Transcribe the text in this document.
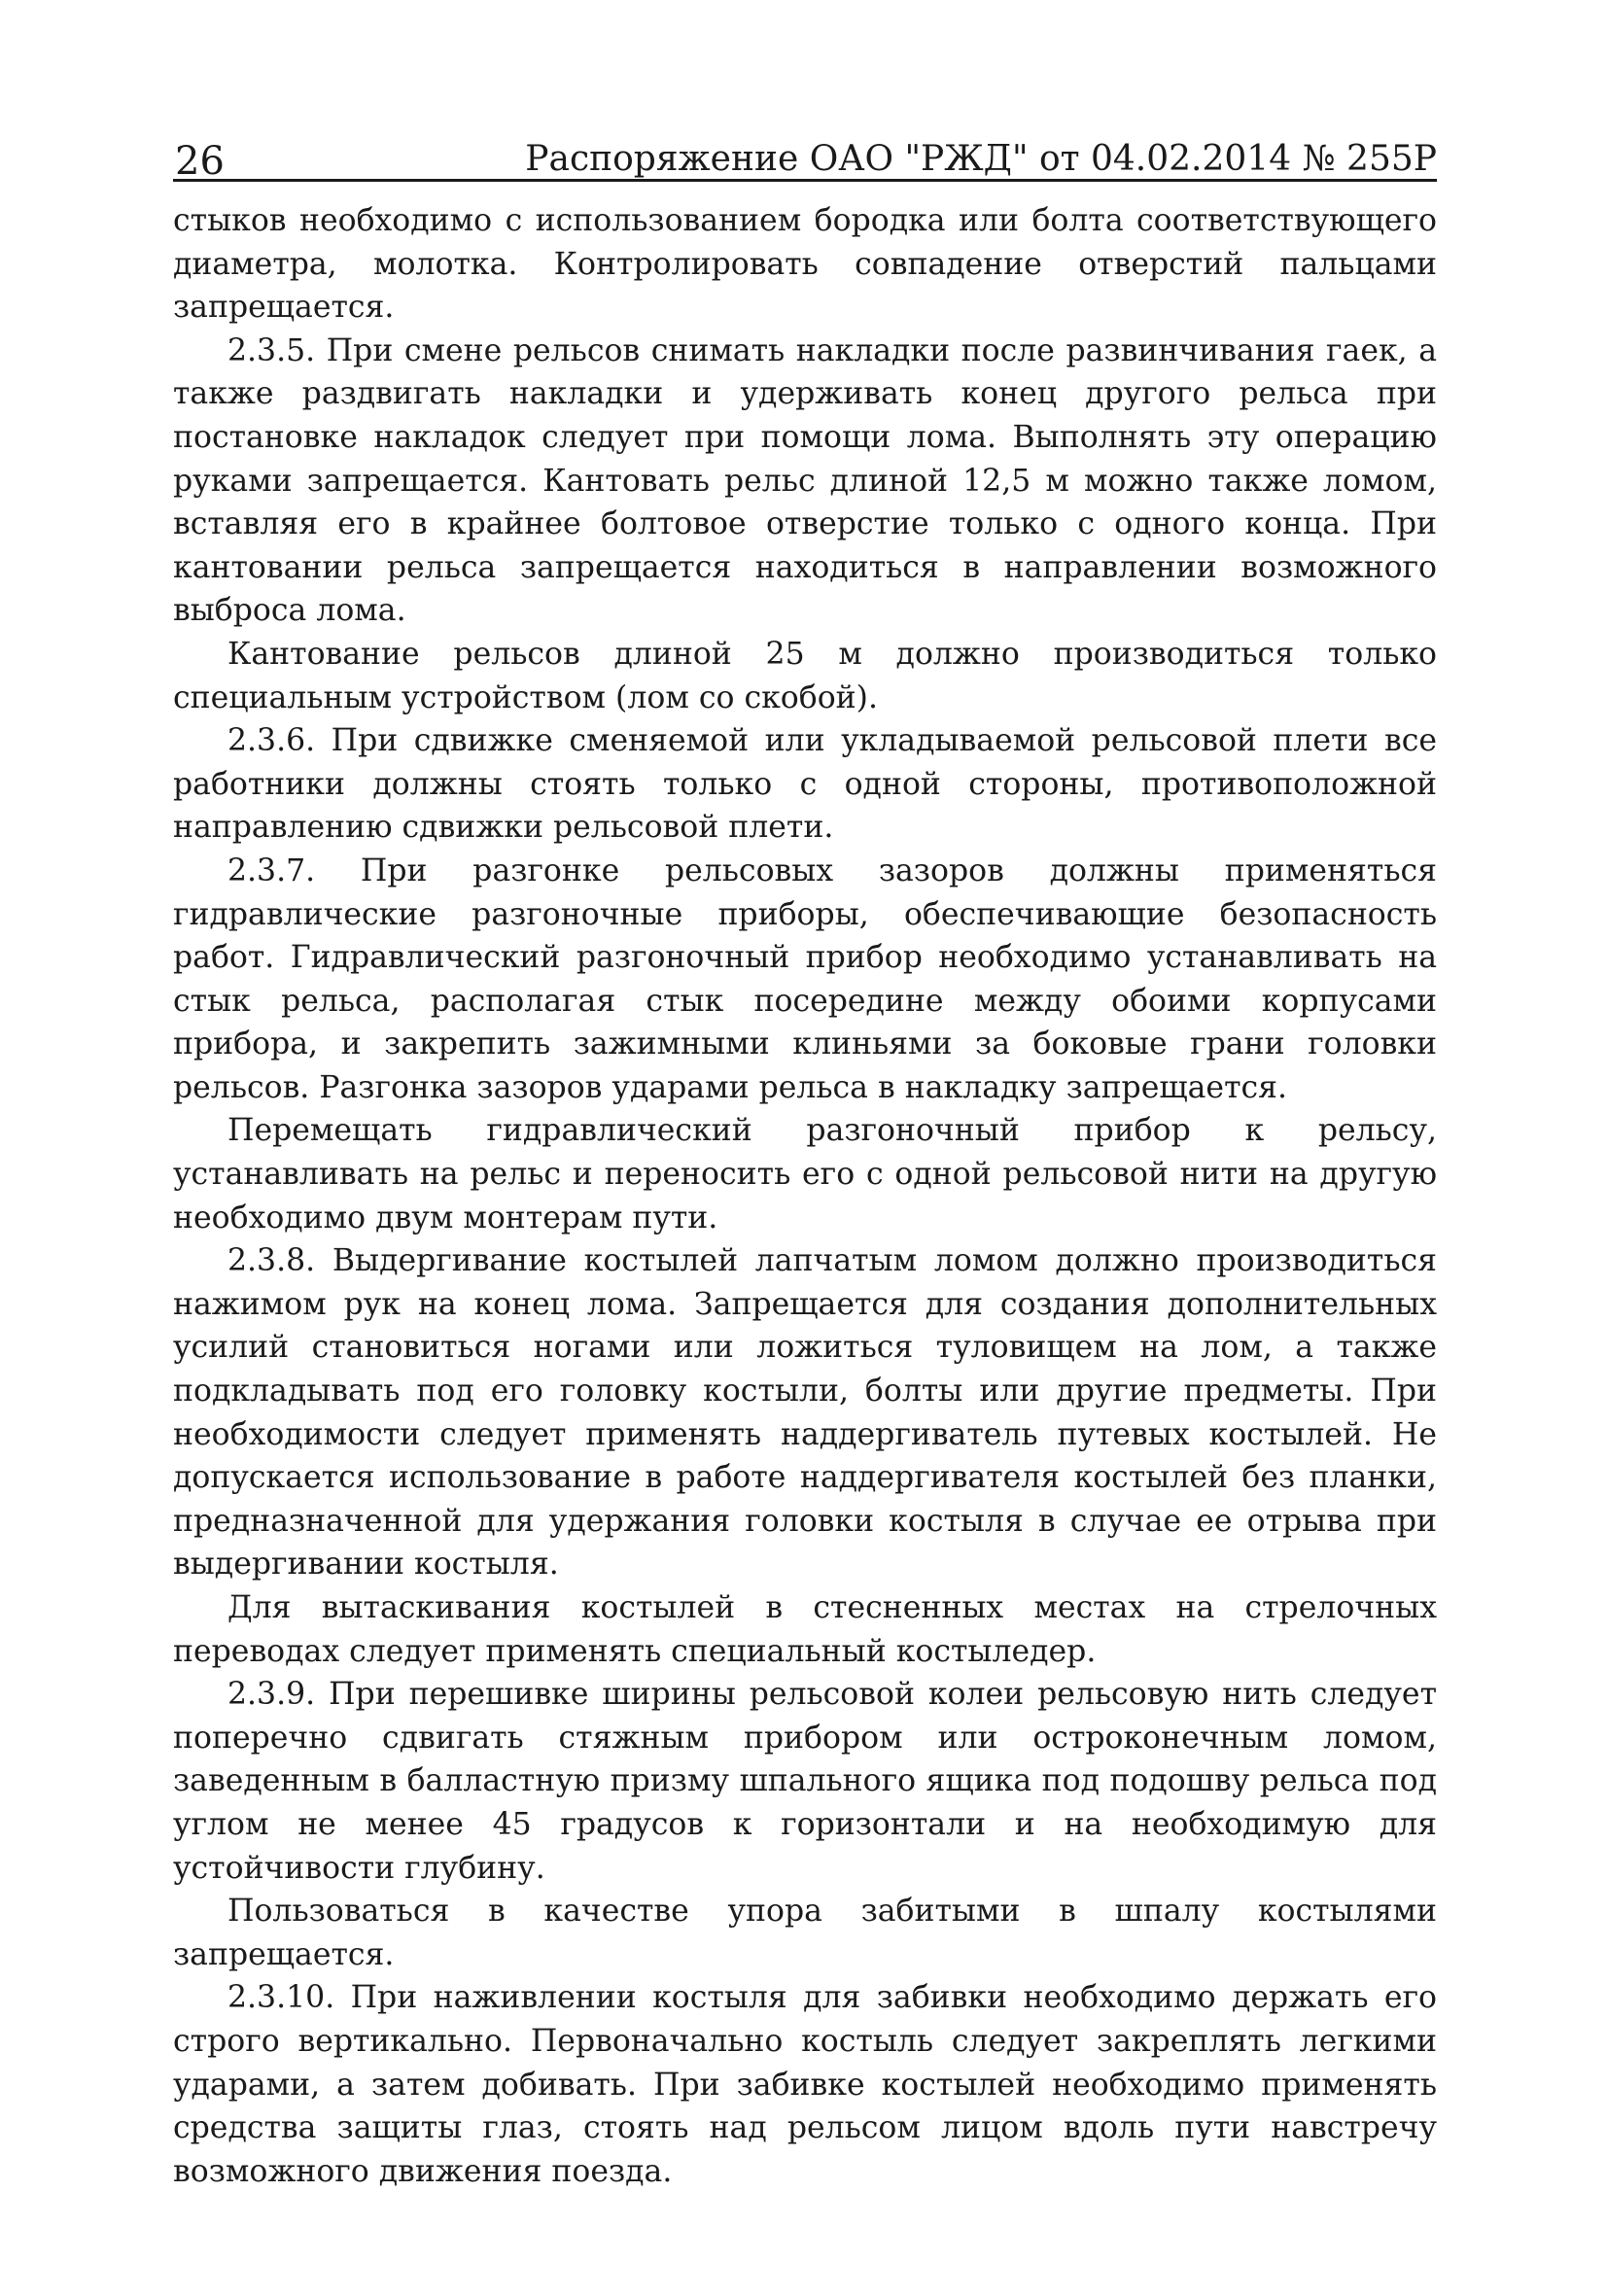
26	Распоряжение ОАО "РЖД" от 04.02.2014 № 255Р

стыков необходимо с использованием бородка или болта соответствующего диаметра, молотка. Контролировать совпадение отверстий пальцами запрещается.

2.3.5. При смене рельсов снимать накладки после развинчивания гаек, а также раздвигать накладки и удерживать конец другого рельса при постановке накладок следует при помощи лома. Выполнять эту операцию руками запрещается. Кантовать рельс длиной 12,5 м можно также ломом, вставляя его в крайнее болтовое отверстие только с одного конца. При кантовании рельса запрещается находиться в направлении возможного выброса лома.

Кантование рельсов длиной 25 м должно производиться только специальным устройством (лом со скобой).

2.3.6. При сдвижке сменяемой или укладываемой рельсовой плети все работники должны стоять только с одной стороны, противоположной направлению сдвижки рельсовой плети.

2.3.7. При разгонке рельсовых зазоров должны применяться гидравлические разгоночные приборы, обеспечивающие безопасность работ. Гидравлический разгоночный прибор необходимо устанавливать на стык рельса, располагая стык посередине между обоими корпусами прибора, и закрепить зажимными клиньями за боковые грани головки рельсов. Разгонка зазоров ударами рельса в накладку запрещается.

Перемещать гидравлический разгоночный прибор к рельсу, устанавливать на рельс и переносить его с одной рельсовой нити на другую необходимо двум монтерам пути.

2.3.8. Выдергивание костылей лапчатым ломом должно производиться нажимом рук на конец лома. Запрещается для создания дополнительных усилий становиться ногами или ложиться туловищем на лом, а также подкладывать под его головку костыли, болты или другие предметы. При необходимости следует применять наддергиватель путевых костылей. Не допускается использование в работе наддергивателя костылей без планки, предназначенной для удержания головки костыля в случае ее отрыва при выдергивании костыля.

Для вытаскивания костылей в стесненных местах на стрелочных переводах следует применять специальный костыледер.

2.3.9. При перешивке ширины рельсовой колеи рельсовую нить следует поперечно сдвигать стяжным прибором или остроконечным ломом, заведенным в балластную призму шпального ящика под подошву рельса под углом не менее 45 градусов к горизонтали и на необходимую для устойчивости глубину.

Пользоваться в качестве упора забитыми в шпалу костылями запрещается.

2.3.10. При наживлении костыля для забивки необходимо держать его строго вертикально. Первоначально костыль следует закреплять легкими ударами, а затем добивать. При забивке костылей необходимо применять средства защиты глаз, стоять над рельсом лицом вдоль пути навстречу возможного движения поезда.
